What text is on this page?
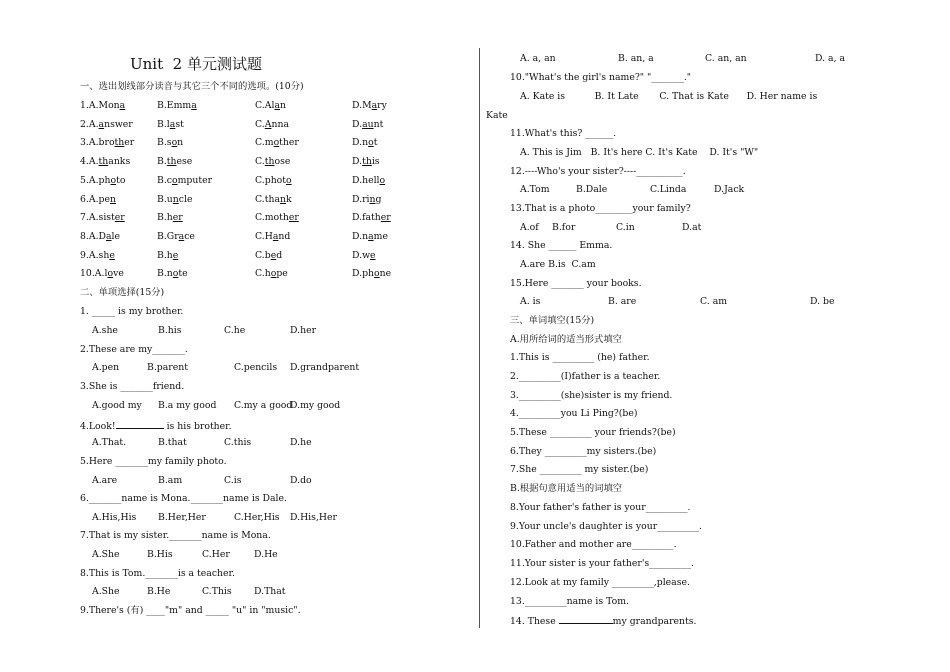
Unit  2 单元测试题
一、选出划线部分读音与其它三个不同的选项。(10分)
1.A.Mona	B.Emma	C.Alan	D.Mary
2.A.answer	B.last	C.Anna	D.aunt
3.A.brother B.son	C.mother	D.not
4.A.thanks	B.these	C.those	D.this
5.A.photo	B.computer	C.photo	D.hello
6.A.pen	B.uncle	C.thank	D.ring
7.A.sister	B.her	C.mother	D.father
8.A.Dale	B.Grace	C.Hand	D.name
9.A.she	B.he	C.bed	D.we
10.A.love	B.note	C.hope	D.phone
二、单项选择(15分)
1. _____ is my brother.
A.she	B.his	C.he	D.her
2.These are my_______.
A.pen	B.parent	C.pencils D.grandparent
3.She is _______friend.
A.good my B.a my good C.my a good
D.my good
4.Look!	is his brother.
A.That.	B.that	C.this	D.he
5.Here _______my family photo.
A.are	B.am	C.is	D.do
6._______name is Mona._______name is Dale.
A.His,His B.Her,Her	C.Her,His D.His,Her
7.That is my sister._______name is Mona.
A.She	B.His	C.Her	D.He
8.This is Tom._______is a teacher.
A.She	B.He	C.This D.That
9.There's (有) ____"m" and _____ "u" in "music".
A. a, an	B. an, a	C. an, an	D. a, a
10."What's the girl's name?" "_______."
A. Kate is          B. It Late       C. That is Kate      D. Her name is
Kate
11.What's this? ______.
A. This is Jim   B. It's here C. It's Kate    D. It's "W"
12.----Who's your sister?----__________.
A.Tom	B.Dale	C.Linda	D.Jack
13.That is a photo________your family?
A.of B.for	C.in	D.at
14. She ______ Emma.
A.are B.is  C.am
15.Here _______ your books.
A. is	B. are	C. am	D. be
三、单词填空(15分)
A.用所给词的适当形式填空
1.This is _________ (he) father.
2._________(I)father is a teacher.
3._________(she)sister is my friend.
4._________you Li Ping?(be)
5.These _________ your friends?(be)
6.They _________my sisters.(be)
7.She _________ my sister.(be)
B.根据句意用适当的词填空
8.Your father's father is your_________.
9.Your uncle's daughter is your_________.
10.Father and mother are_________.
11.Your sister is your father's_________.
12.Look at my family _________,please.
13._________name is Tom.
14. These	my grandparents.
